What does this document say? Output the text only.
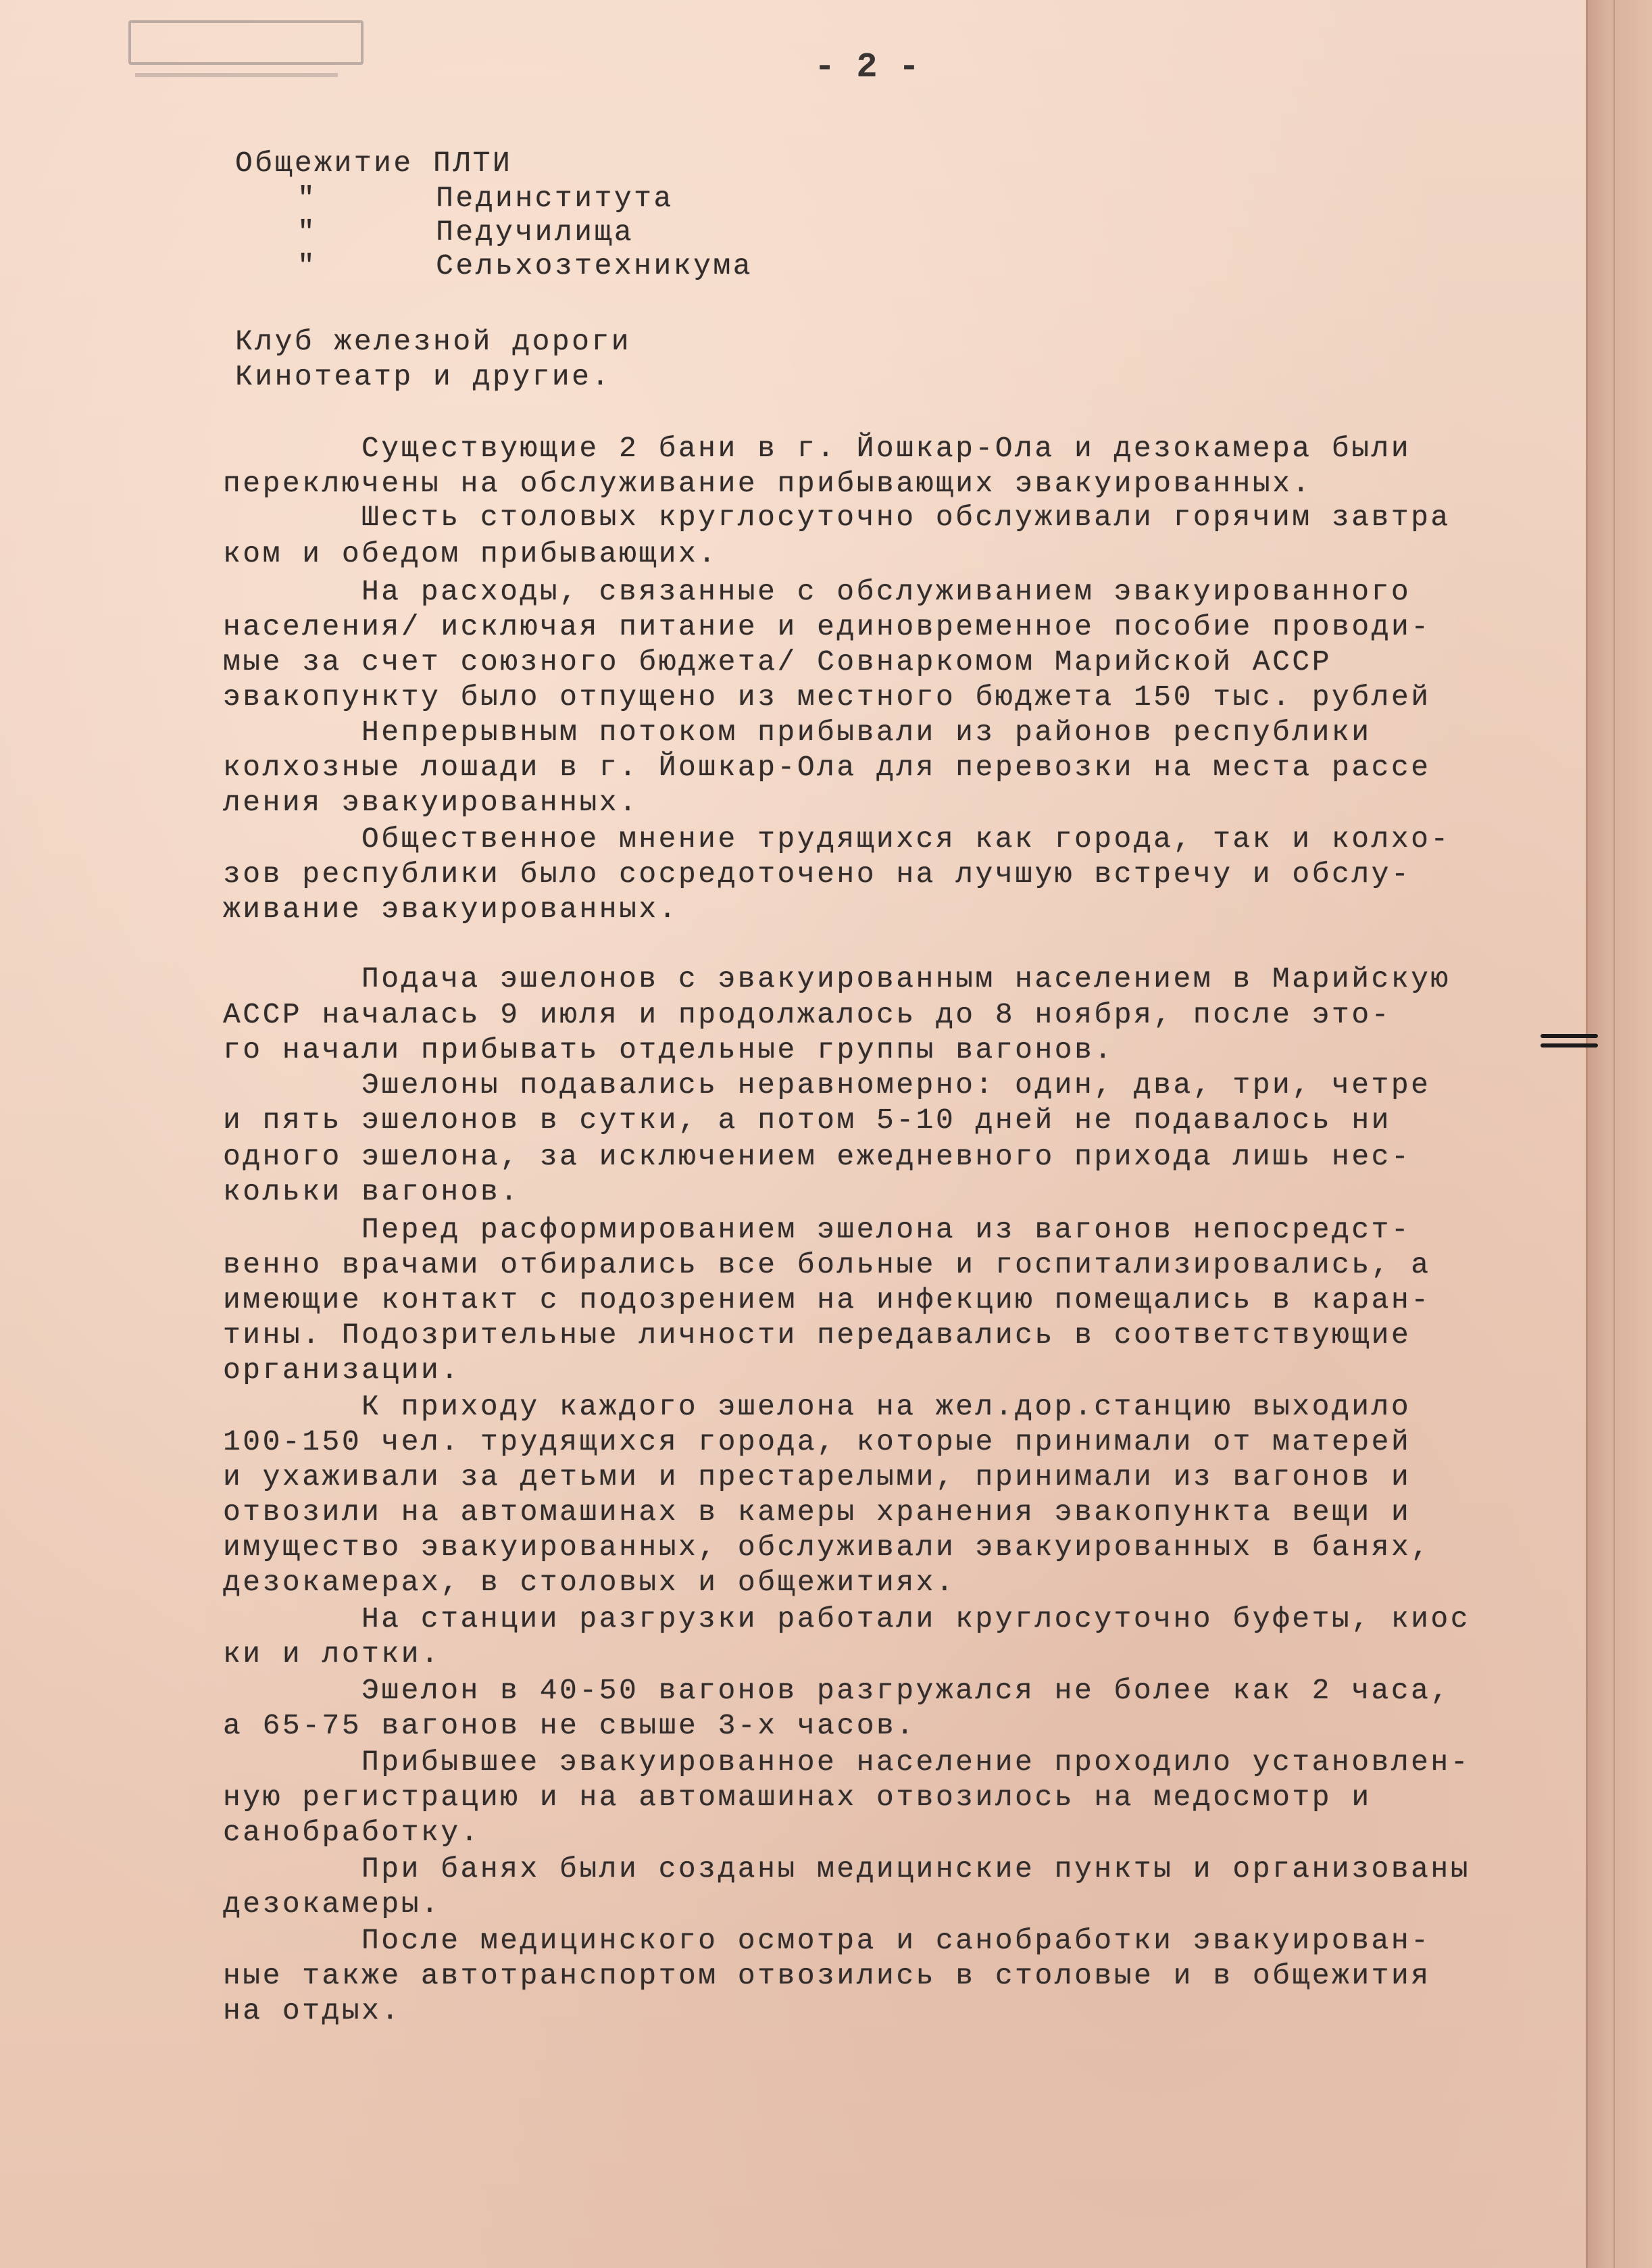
- 2 -
Общежитие ПЛТИ
"      Пединститута
"      Педучилища
"      Сельхозтехникума
Клуб железной дороги
Кинотеатр и другие.
Существующие 2 бани в г. Йошкар-Ола и дезокамера были
переключены на обслуживание прибывающих эвакуированных.
Шесть столовых круглосуточно обслуживали горячим завтра
ком и обедом прибывающих.
На расходы, связанные с обслуживанием эвакуированного
населения/ исключая питание и единовременное пособие проводи-
мые за счет союзного бюджета/ Совнаркомом Марийской АССР
эвакопункту было отпущено из местного бюджета 150 тыс. рублей
Непрерывным потоком прибывали из районов республики
колхозные лошади в г. Йошкар-Ола для перевозки на места рассе
ления эвакуированных.
Общественное мнение трудящихся как города, так и колхо-
зов республики было сосредоточено на лучшую встречу и обслу-
живание эвакуированных.
Подача эшелонов с эвакуированным населением в Марийскую
АССР началась 9 июля и продолжалось до 8 ноября, после это-
го начали прибывать отдельные группы вагонов.
Эшелоны подавались неравномерно: один, два, три, четре
и пять эшелонов в сутки, а потом 5-10 дней не подавалось ни
одного эшелона, за исключением ежедневного прихода лишь нес-
кольки вагонов.
Перед расформированием эшелона из вагонов непосредст-
венно врачами отбирались все больные и госпитализировались, а
имеющие контакт с подозрением на инфекцию помещались в каран-
тины. Подозрительные личности передавались в соответствующие
организации.
К приходу каждого эшелона на жел.дор.станцию выходило
100-150 чел. трудящихся города, которые принимали от матерей
и ухаживали за детьми и престарелыми, принимали из вагонов и
отвозили на автомашинах в камеры хранения эвакопункта вещи и
имущество эвакуированных, обслуживали эвакуированных в банях,
дезокамерах, в столовых и общежитиях.
На станции разгрузки работали круглосуточно буфеты, киос
ки и лотки.
Эшелон в 40-50 вагонов разгружался не более как 2 часа,
а 65-75 вагонов не свыше 3-х часов.
Прибывшее эвакуированное население проходило установлен-
ную регистрацию и на автомашинах отвозилось на медосмотр и
санобработку.
При банях были созданы медицинские пункты и организованы
дезокамеры.
После медицинского осмотра и санобработки эвакуирован-
ные также автотранспортом отвозились в столовые и в общежития
на отдых.
